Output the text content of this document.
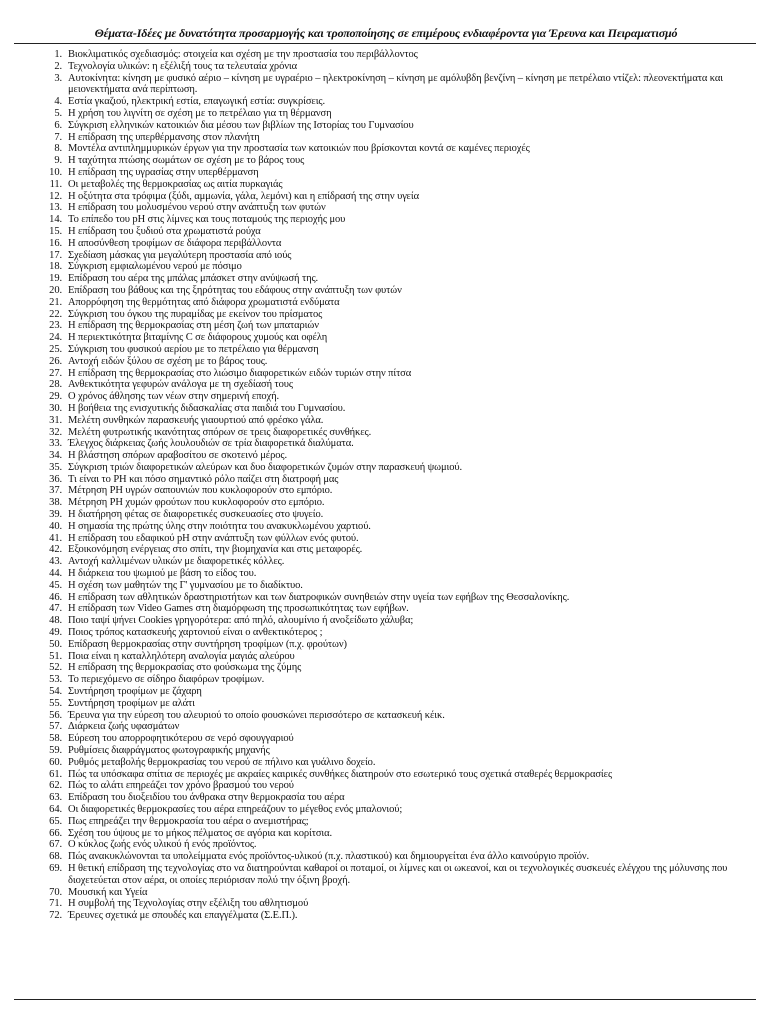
Θέματα-Ιδέες με δυνατότητα προσαρμογής και τροποποίησης σε επιμέρους ενδιαφέροντα για Έρευνα και Πειραματισμό
1. Βιοκλιματικός σχεδιασμός: στοιχεία και σχέση με την προστασία του περιβάλλοντος
2. Τεχνολογία υλικών: η εξέλιξή τους τα τελευταία χρόνια
3. Αυτοκίνητα: κίνηση με φυσικό αέριο – κίνηση με υγραέριο – ηλεκτροκίνηση – κίνηση με αμόλυβδη βενζίνη – κίνηση με πετρέλαιο ντίζελ: πλεονεκτήματα και μειονεκτήματα ανά περίπτωση.
4. Εστία γκαζιού, ηλεκτρική εστία, επαγωγική εστία: συγκρίσεις.
5. Η χρήση του λιγνίτη σε σχέση με το πετρέλαιο για τη θέρμανση
6. Σύγκριση ελληνικών κατοικιών δια μέσου των βιβλίων της Ιστορίας του Γυμνασίου
7. Η επίδραση της υπερθέρμανσης στον πλανήτη
8. Μοντέλα αντιπλημμυρικών έργων για την προστασία των κατοικιών που βρίσκονται κοντά σε καμένες περιοχές
9. Η ταχύτητα πτώσης σωμάτων σε σχέση με το βάρος τους
10. Η επίδραση της υγρασίας στην υπερθέρμανση
11. Οι μεταβολές της θερμοκρασίας ως αιτία πυρκαγιάς
12. Η οξύτητα στα τρόφιμα (ξύδι, αμμωνία, γάλα, λεμόνι) και η επίδρασή της στην υγεία
13. Η επίδραση του μολυσμένου νερού στην ανάπτυξη των φυτών
14. Το επίπεδο του pH στις λίμνες και τους ποταμούς της περιοχής μου
15. Η επίδραση του ξυδιού στα χρωματιστά ρούχα
16. Η αποσύνθεση τροφίμων σε διάφορα περιβάλλοντα
17. Σχεδίαση μάσκας για μεγαλύτερη προστασία από ιούς
18. Σύγκριση εμφιαλωμένου νερού με πόσιμο
19. Επίδραση του αέρα της μπάλας μπάσκετ στην ανύψωσή της.
20. Επίδραση του βάθους και της ξηρότητας του εδάφους στην ανάπτυξη των φυτών
21. Απορρόφηση της θερμότητας από διάφορα χρωματιστά ενδύματα
22. Σύγκριση του όγκου της πυραμίδας με εκείνον του πρίσματος
23. Η επίδραση της θερμοκρασίας στη μέση ζωή των μπαταριών
24. Η περιεκτικότητα βιταμίνης C σε διάφορους χυμούς και οφέλη
25. Σύγκριση του φυσικού αερίου με το πετρέλαιο για θέρμανση
26. Αντοχή ειδών ξύλου σε σχέση με το βάρος τους.
27. Η επίδραση της θερμοκρασίας στο λιώσιμο διαφορετικών ειδών τυριών στην πίτσα
28. Ανθεκτικότητα γεφυρών ανάλογα με τη σχεδίασή τους
29. Ο χρόνος άθλησης των νέων στην σημερινή εποχή.
30. Η βοήθεια της ενισχυτικής διδασκαλίας στα παιδιά του Γυμνασίου.
31. Μελέτη συνθηκών παρασκευής γιαουρτιού από φρέσκο γάλα.
32. Μελέτη φυτρωτικής ικανότητας σπόρων σε τρεις διαφορετικές συνθήκες.
33. Έλεγχος διάρκειας ζωής λουλουδιών σε τρία διαφορετικά διαλύματα.
34. Η βλάστηση σπόρων αραβοσίτου σε σκοτεινό μέρος.
35. Σύγκριση τριών διαφορετικών αλεύρων και δυο διαφορετικών ζυμών στην παρασκευή ψωμιού.
36. Τι είναι το PH και πόσο σημαντικό ρόλο παίζει στη διατροφή μας
37. Μέτρηση PH υγρών σαπουνιών που κυκλοφορούν στο εμπόριο.
38. Μέτρηση PH χυμών φρούτων που κυκλοφορούν στο εμπόριο.
39. Η διατήρηση φέτας σε διαφορετικές συσκευασίες στο ψυγείο.
40. Η σημασία της πρώτης ύλης στην ποιότητα του ανακυκλωμένου χαρτιού.
41. Η επίδραση του εδαφικού pH στην ανάπτυξη των φύλλων ενός φυτού.
42. Εξοικονόμηση ενέργειας στο σπίτι, την βιομηχανία και στις μεταφορές.
43. Αντοχή καλλιμένων υλικών με διαφορετικές κόλλες.
44. Η διάρκεια του ψωμιού με βάση το είδος του.
45. Η σχέση των μαθητών της Γ' γυμνασίου με το διαδίκτυο.
46. Η επίδραση των αθλητικών δραστηριοτήτων και των διατροφικών συνηθειών στην υγεία των εφήβων της Θεσσαλονίκης.
47. Η επίδραση των Video Games στη διαμόρφωση της προσωπικότητας των εφήβων.
48. Ποιο ταψί ψήνει Cookies γρηγορότερα: από πηλό, αλουμίνιο ή ανοξείδωτο χάλυβα;
49. Ποιος τρόπος κατασκευής χαρτονιού είναι ο ανθεκτικότερος ;
50. Επίδραση θερμοκρασίας στην συντήρηση τροφίμων (π.χ. φρούτων)
51. Ποια είναι η καταλληλότερη αναλογία μαγιάς αλεύρου
52. Η επίδραση της θερμοκρασίας στο φούσκωμα της ζύμης
53. Το περιεχόμενο σε σίδηρο διαφόρων τροφίμων.
54. Συντήρηση τροφίμων με ζάχαρη
55. Συντήρηση τροφίμων με αλάτι
56. Έρευνα για την εύρεση του αλευριού το οποίο φουσκώνει περισσότερο σε κατασκευή κέικ.
57. Διάρκεια ζωής υφασμάτων
58. Εύρεση του απορροφητικότερου σε νερό σφουγγαριού
59. Ρυθμίσεις διαφράγματος φωτογραφικής μηχανής
60. Ρυθμός μεταβολής θερμοκρασίας του νερού σε πήλινο και γυάλινο δοχείο.
61. Πώς τα υπόσκαφα σπίτια σε περιοχές με ακραίες καιρικές συνθήκες διατηρούν στο εσωτερικό τους σχετικά σταθερές θερμοκρασίες
62. Πώς το αλάτι επηρεάζει τον χρόνο βρασμού του νερού
63. Επίδραση του διοξειδίου του άνθρακα στην θερμοκρασία του αέρα
64. Οι διαφορετικές θερμοκρασίες του αέρα επηρεάζουν το μέγεθος ενός μπαλονιού;
65. Πως επηρεάζει την θερμοκρασία του αέρα ο ανεμιστήρας;
66. Σχέση του ύψους με το μήκος πέλματος σε αγόρια και κορίτσια.
67. Ο κύκλος ζωής ενός υλικού ή ενός προϊόντος.
68. Πώς ανακυκλώνονται τα υπολείμματα ενός προϊόντος-υλικού (π.χ. πλαστικού) και δημιουργείται ένα άλλο καινούργιο προϊόν.
69. Η θετική επίδραση της τεχνολογίας στο να διατηρούνται καθαροί οι ποταμοί, οι λίμνες και οι ωκεανοί, και οι τεχνολογικές συσκευές ελέγχου της μόλυνσης που διοχετεύεται στον αέρα, οι οποίες περιόρισαν πολύ την όξινη βροχή.
70. Μουσική και Υγεία
71. Η συμβολή της Τεχνολογίας στην εξέλιξη του αθλητισμού
72. Έρευνες σχετικά με σπουδές και επαγγέλματα (Σ.Ε.Π.).
